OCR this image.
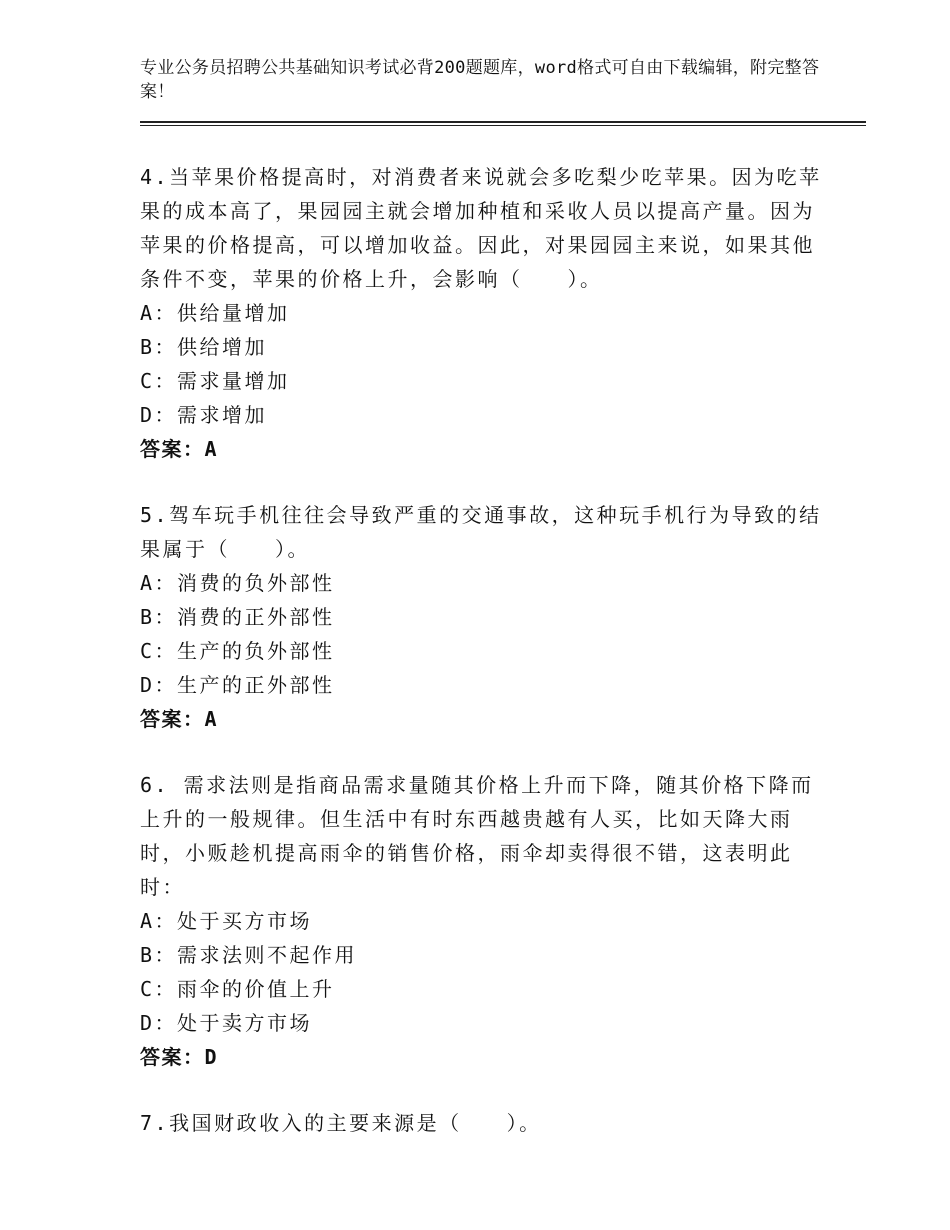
专业公务员招聘公共基础知识考试必背200题题库，word格式可自由下载编辑，附完整答案！
4.当苹果价格提高时，对消费者来说就会多吃梨少吃苹果。因为吃苹果的成本高了，果园园主就会增加种植和采收人员以提高产量。因为苹果的价格提高，可以增加收益。因此，对果园园主来说，如果其他条件不变，苹果的价格上升，会影响（　　）。
A：供给量增加
B：供给增加
C：需求量增加
D：需求增加
答案：A
5.驾车玩手机往往会导致严重的交通事故，这种玩手机行为导致的结果属于（　　）。
A：消费的负外部性
B：消费的正外部性
C：生产的负外部性
D：生产的正外部性
答案：A
6. 需求法则是指商品需求量随其价格上升而下降，随其价格下降而上升的一般规律。但生活中有时东西越贵越有人买，比如天降大雨时，小贩趁机提高雨伞的销售价格，雨伞却卖得很不错，这表明此时：
A：处于买方市场
B：需求法则不起作用
C：雨伞的价值上升
D：处于卖方市场
答案：D
7.我国财政收入的主要来源是（　　）。
